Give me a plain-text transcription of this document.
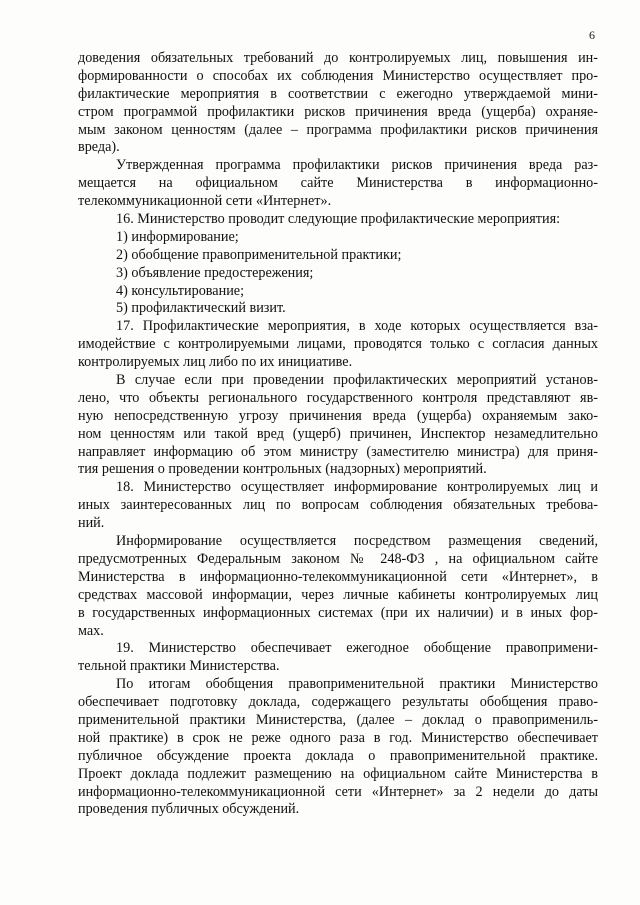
6
доведения обязательных требований до контролируемых лиц, повышения ин-
формированности о способах их соблюдения Министерство осуществляет про-
филактические мероприятия в соответствии с ежегодно утверждаемой мини-
стром программой профилактики рисков причинения вреда (ущерба) охраняе-
мым законом ценностям (далее – программа профилактики рисков причинения
вреда).
Утвержденная программа профилактики рисков причинения вреда раз-
мещается на официальном сайте Министерства в информационно-
телекоммуникационной сети «Интернет».
16. Министерство проводит следующие профилактические мероприятия:
1) информирование;
2) обобщение правоприменительной практики;
3) объявление предостережения;
4) консультирование;
5) профилактический визит.
17. Профилактические мероприятия, в ходе которых осуществляется вза-
имодействие с контролируемыми лицами, проводятся только с согласия данных
контролируемых лиц либо по их инициативе.
В случае если при проведении профилактических мероприятий установ-
лено, что объекты регионального государственного контроля представляют яв-
ную непосредственную угрозу причинения вреда (ущерба) охраняемым зако-
ном ценностям или такой вред (ущерб) причинен, Инспектор незамедлительно
направляет информацию об этом министру (заместителю министра) для приня-
тия решения о проведении контрольных (надзорных) мероприятий.
18. Министерство осуществляет информирование контролируемых лиц и
иных заинтересованных лиц по вопросам соблюдения обязательных требова-
ний.
Информирование осуществляется посредством размещения сведений,
предусмотренных Федеральным законом № 248-ФЗ , на официальном сайте
Министерства в информационно-телекоммуникационной сети «Интернет», в
средствах массовой информации, через личные кабинеты контролируемых лиц
в государственных информационных системах (при их наличии) и в иных фор-
мах.
19. Министерство обеспечивает ежегодное обобщение правопримени-
тельной практики Министерства.
По итогам обобщения правоприменительной практики Министерство
обеспечивает подготовку доклада, содержащего результаты обобщения право-
применительной практики Министерства, (далее – доклад о правопримениль-
ной практике) в срок не реже одного раза в год. Министерство обеспечивает
публичное обсуждение проекта доклада о правоприменительной практике.
Проект доклада подлежит размещению на официальном сайте Министерства в
информационно-телекоммуникационной сети «Интернет» за 2 недели до даты
проведения публичных обсуждений.
